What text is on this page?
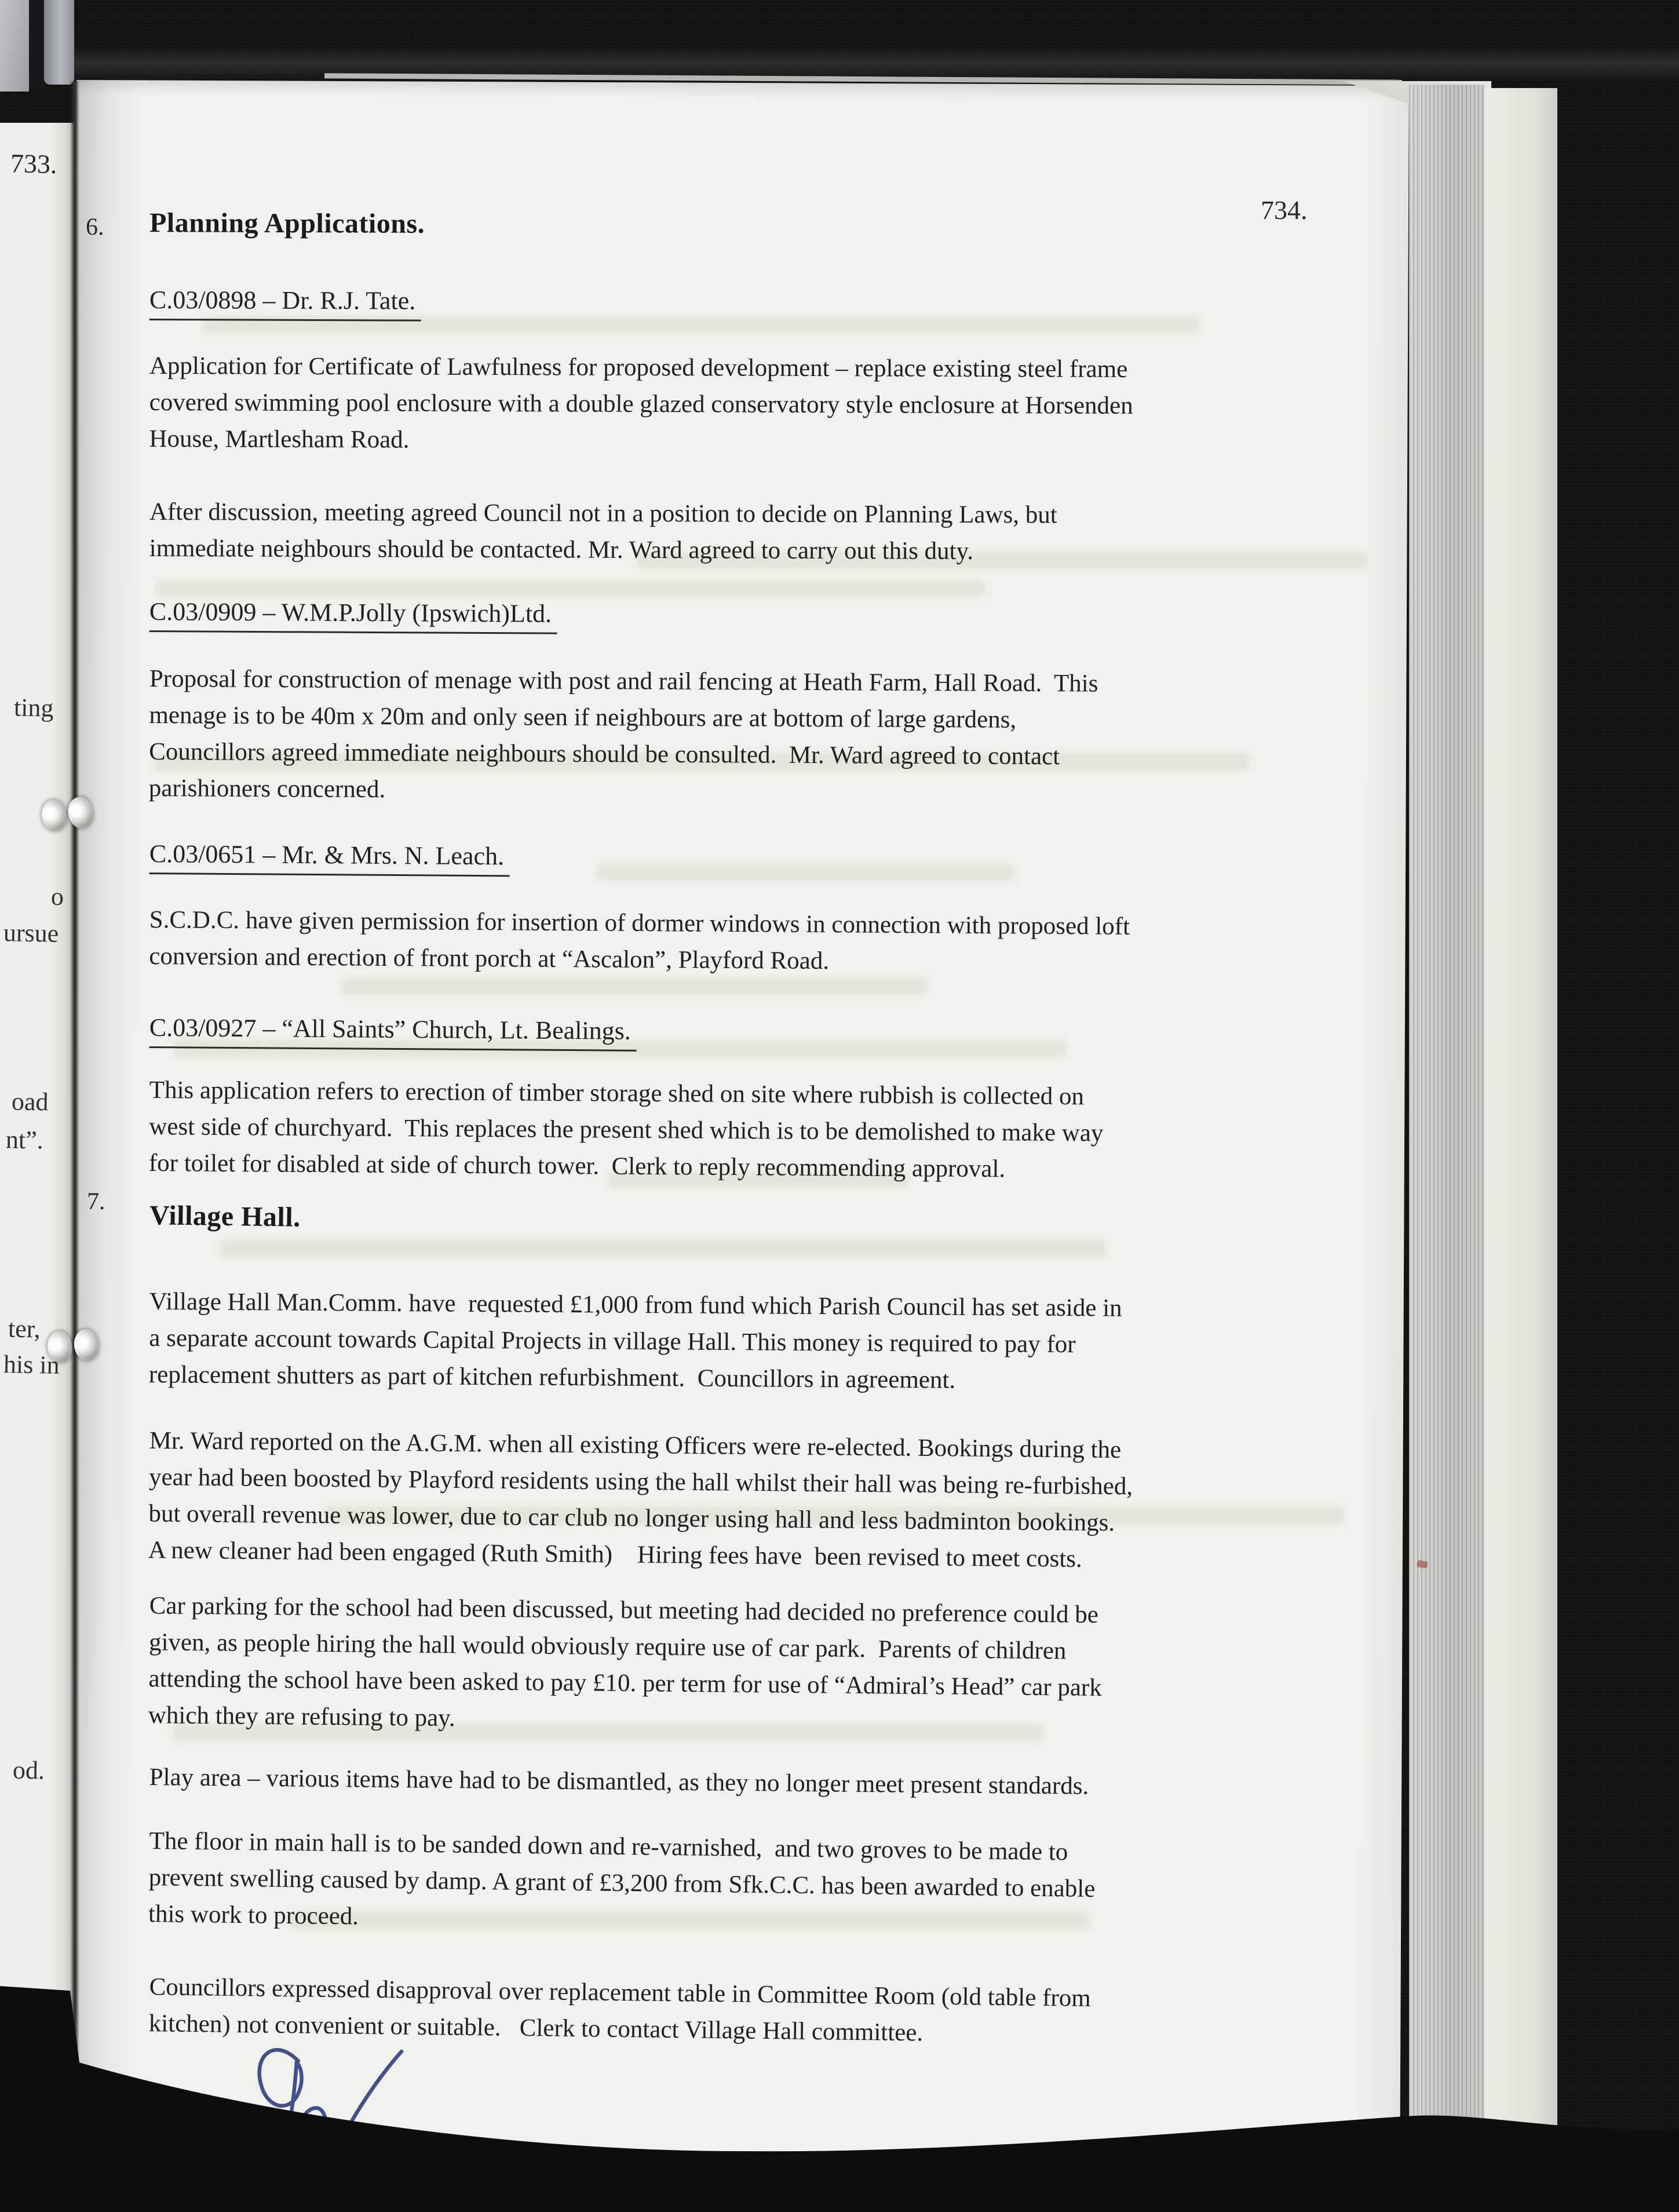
733.
ting
o
ursue
oad
nt”.
ter,
his in
od.
734.
6. Planning Applications.
C.03/0898 – Dr. R.J. Tate.
Application for Certificate of Lawfulness for proposed development – replace existing steel frame
covered swimming pool enclosure with a double glazed conservatory style enclosure at Horsenden
House, Martlesham Road.
After discussion, meeting agreed Council not in a position to decide on Planning Laws, but
immediate neighbours should be contacted. Mr. Ward agreed to carry out this duty.
C.03/0909 – W.M.P.Jolly (Ipswich)Ltd.
Proposal for construction of menage with post and rail fencing at Heath Farm, Hall Road.  This
menage is to be 40m x 20m and only seen if neighbours are at bottom of large gardens,
Councillors agreed immediate neighbours should be consulted.  Mr. Ward agreed to contact
parishioners concerned.
C.03/0651 – Mr. & Mrs. N. Leach.
S.C.D.C. have given permission for insertion of dormer windows in connection with proposed loft
conversion and erection of front porch at “Ascalon”, Playford Road.
C.03/0927 – “All Saints” Church, Lt. Bealings.
This application refers to erection of timber storage shed on site where rubbish is collected on
west side of churchyard.  This replaces the present shed which is to be demolished to make way
for toilet for disabled at side of church tower.  Clerk to reply recommending approval.
7. Village Hall.
Village Hall Man.Comm. have  requested £1,000 from fund which Parish Council has set aside in
a separate account towards Capital Projects in village Hall. This money is required to pay for
replacement shutters as part of kitchen refurbishment.  Councillors in agreement.
Mr. Ward reported on the A.G.M. when all existing Officers were re-elected. Bookings during the
year had been boosted by Playford residents using the hall whilst their hall was being re-furbished,
but overall revenue was lower, due to car club no longer using hall and less badminton bookings.
A new cleaner had been engaged (Ruth Smith)    Hiring fees have  been revised to meet costs.
Car parking for the school had been discussed, but meeting had decided no preference could be
given, as people hiring the hall would obviously require use of car park.  Parents of children
attending the school have been asked to pay £10. per term for use of “Admiral’s Head” car park
which they are refusing to pay.
Play area – various items have had to be dismantled, as they no longer meet present standards.
The floor in main hall is to be sanded down and re-varnished,  and two groves to be made to
prevent swelling caused by damp. A grant of £3,200 from Sfk.C.C. has been awarded to enable
this work to proceed.
Councillors expressed disapproval over replacement table in Committee Room (old table from
kitchen) not convenient or suitable.   Clerk to contact Village Hall committee.
